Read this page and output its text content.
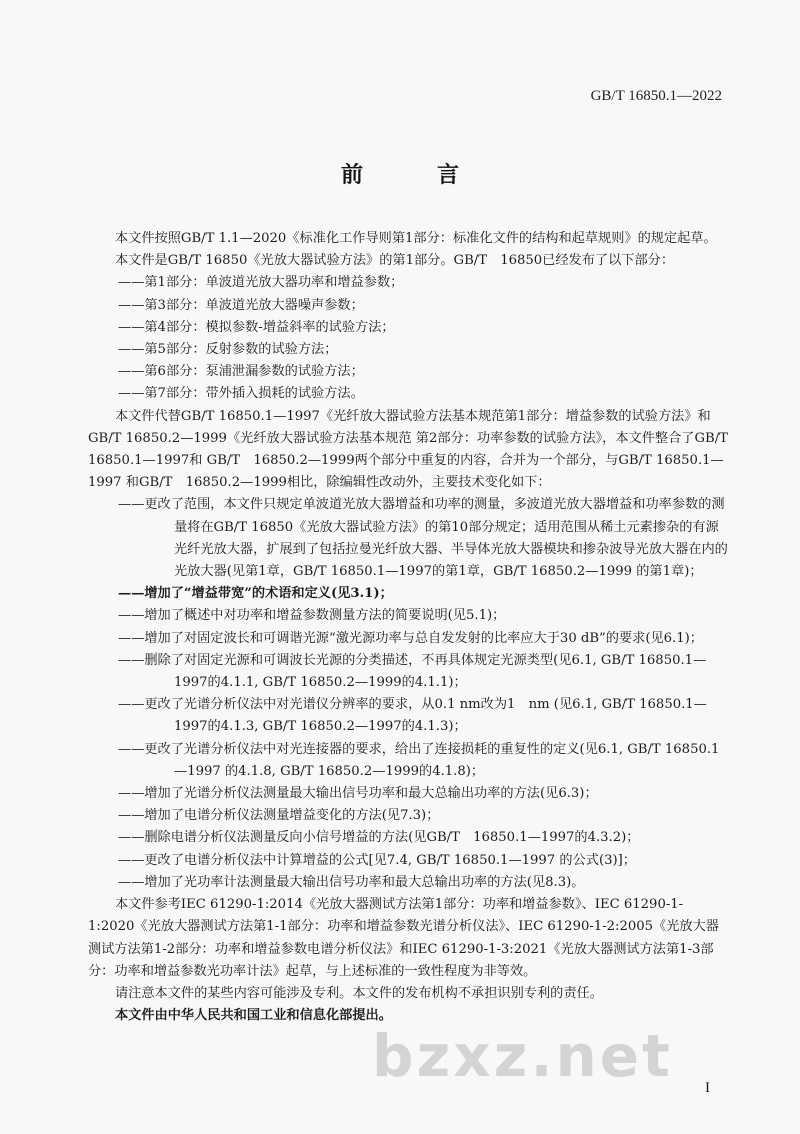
GB/T 16850.1—2022
前　言

本文件按照GB/T 1.1—2020《标准化工作导则第1部分：标准化文件的结构和起草规则》的规定起草。

本文件是GB/T 16850《光放大器试验方法》的第1部分。GB/T　16850已经发布了以下部分：

——第1部分：单波道光放大器功率和增益参数；

——第3部分：单波道光放大器噪声参数；

——第4部分：模拟参数-增益斜率的试验方法；

——第5部分：反射参数的试验方法；

——第6部分：泵浦泄漏参数的试验方法；

——第7部分：带外插入损耗的试验方法。

本文件代替GB/T 16850.1—1997《光纤放大器试验方法基本规范第1部分：增益参数的试验方法》和GB/T 16850.2—1999《光纤放大器试验方法基本规范 第2部分：功率参数的试验方法》，本文件整合了GB/T　16850.1—1997和 GB/T　16850.2—1999两个部分中重复的内容，合并为一个部分，与GB/T 16850.1—1997 和GB/T　16850.2—1999相比，除编辑性改动外，主要技术变化如下：

——更改了范围，本文件只规定单波道光放大器增益和功率的测量，多波道光放大器增益和功率参数的测量将在GB/T 16850《光放大器试验方法》的第10部分规定；适用范围从稀土元素掺杂的有源光纤光放大器，扩展到了包括拉曼光纤放大器、半导体光放大器模块和掺杂波导光放大器在内的光放大器(见第1章，GB/T 16850.1—1997的第1章，GB/T 16850.2—1999 的第1章)；

——增加了“增益带宽”的术语和定义(见3.1)；

——增加了概述中对功率和增益参数测量方法的简要说明(见5.1)；

——增加了对固定波长和可调谐光源“激光源功率与总自发发射的比率应大于30 dB”的要求(见6.1)；

——删除了对固定光源和可调波长光源的分类描述，不再具体规定光源类型(见6.1, GB/T 16850.1—1997的4.1.1, GB/T 16850.2—1999的4.1.1)；

——更改了光谱分析仪法中对光谱仪分辨率的要求，从0.1 nm改为1　nm (见6.1, GB/T 16850.1—1997的4.1.3, GB/T 16850.2—1997的4.1.3)；

——更改了光谱分析仪法中对光连接器的要求，给出了连接损耗的重复性的定义(见6.1, GB/T 16850.1—1997 的4.1.8, GB/T 16850.2—1999的4.1.8)；

——增加了光谱分析仪法测量最大输出信号功率和最大总输出功率的方法(见6.3)；

——增加了电谱分析仪法测量增益变化的方法(见7.3)；

——删除电谱分析仪法测量反向小信号增益的方法(见GB/T　16850.1—1997的4.3.2)；

——更改了电谱分析仪法中计算增益的公式[见7.4, GB/T 16850.1—1997 的公式(3)]；

——增加了光功率计法测量最大输出信号功率和最大总输出功率的方法(见8.3)。

本文件参考IEC 61290-1:2014《光放大器测试方法第1部分：功率和增益参数》、IEC 61290-1-1:2020《光放大器测试方法第1-1部分：功率和增益参数光谱分析仪法》、IEC 61290-1-2:2005《光放大器测试方法第1-2部分：功率和增益参数电谱分析仪法》和IEC 61290-1-3:2021《光放大器测试方法第1-3部分：功率和增益参数光功率计法》起草，与上述标准的一致性程度为非等效。

请注意本文件的某些内容可能涉及专利。本文件的发布机构不承担识别专利的责任。

本文件由中华人民共和国工业和信息化部提出。

bzxz.net I
